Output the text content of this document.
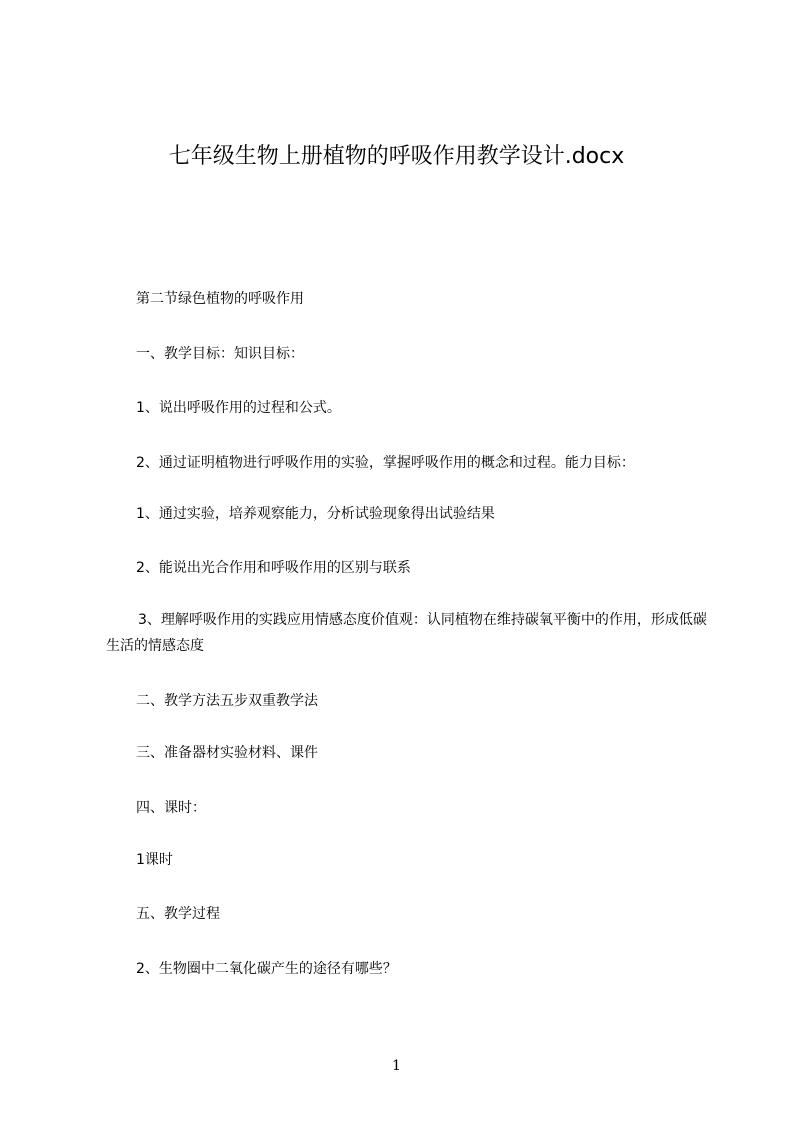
七年级生物上册植物的呼吸作用教学设计.docx
第二节绿色植物的呼吸作用
一、教学目标：知识目标：
1、说出呼吸作用的过程和公式。
2、通过证明植物进行呼吸作用的实验，掌握呼吸作用的概念和过程。能力目标：
1、通过实验，培养观察能力，分析试验现象得出试验结果
2、能说出光合作用和呼吸作用的区别与联系
3、理解呼吸作用的实践应用情感态度价值观：认同植物在维持碳氧平衡中的作用，形成低碳生活的情感态度
二、教学方法五步双重教学法
三、准备器材实验材料、课件
四、课时：
1课时
五、教学过程
2、生物圈中二氧化碳产生的途径有哪些？
1
